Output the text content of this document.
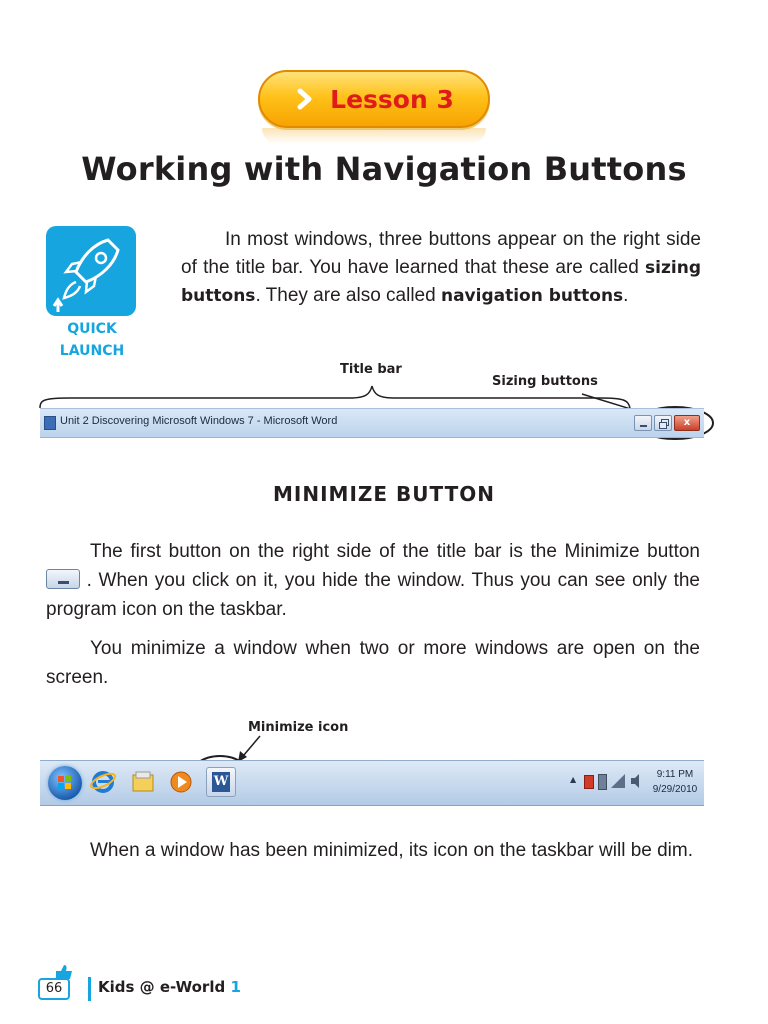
Lesson 3
Working with Navigation Buttons
QUICK
LAUNCH
In most windows, three buttons appear on the right side of the title bar. You have learned that these are called sizing buttons. They are also called navigation buttons.
Title bar
Sizing buttons
Unit 2 Discovering Microsoft Windows 7 - Microsoft Word	x
MINIMIZE BUTTON
The first button on the right side of the title bar is the Minimize button  . When you click on it, you hide the window. Thus you can see only the program icon on the taskbar.
You minimize a window when two or more windows are open on the screen.
Minimize icon
W	▲	9:11 PM
9/29/2010
When a window has been minimized, its icon on the taskbar will be dim.
66	Kids @ e-World 1
